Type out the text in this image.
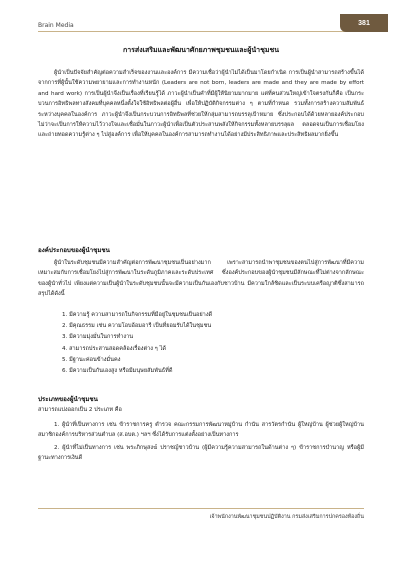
Brain Media	381
การส่งเสริมและพัฒนาศักยภาพชุมชนและผู้นำชุมชน

ผู้นำเป็นปัจจัยสำคัญต่อความสำเร็จของงานและองค์การ มีความเชื่อว่าผู้นำไม่ได้เป็นมาโดยกำเนิด การเป็นผู้นำสามารถสร้างขึ้นได้ จากการที่ผู้นั้นใช้ความพยายามและการทำงานหนัก (Leaders are not born, leaders are made and they are made by effort and hard work) การเป็นผู้นำจึงเป็นเรื่องที่เรียนรู้ได้ ภาวะผู้นำเป็นคำที่มีผู้ให้นิยามมากมาย แต่ที่คนส่วนใหญ่เข้าใจตรงกันก็คือ เป็นกระบวนการอิทธิพลทางสังคมที่บุคคลหนึ่งตั้งใจใช้อิทธิพลต่อผู้อื่น เพื่อให้ปฏิบัติกิจกรรมต่าง ๆ ตามที่กำหนด รวมทั้งการสร้างความสัมพันธ์ระหว่างบุคคลในองค์การ ภาวะผู้นำจึงเป็นกระบวนการอิทธิพลที่ช่วยให้กลุ่มสามารถบรรลุเป้าหมาย ซึ่งประกอบได้ด้วยหลายองค์ประกอบ ไม่ว่าจะเป็นการให้ความไว้วางใจและเชื่อมั่นในภาวะผู้นำเพื่อเป็นตัวประสานพลังให้กิจกรรมทั้งหลายบรรลุผล ตลอดจนเป็นการเชื่อมโยงและถ่ายทอดความรู้ต่าง ๆ ไปสู่องค์การ เพื่อให้บุคคลในองค์การสามารถทำงานได้อย่างมีประสิทธิภาพและประสิทธิผลมากยิ่งขึ้น

องค์ประกอบของผู้นำชุมชน

ผู้นำในระดับชุมชนมีความสำคัญต่อการพัฒนาชุมชนเป็นอย่างมาก เพราะสามารถนำพาชุมชนของตนไปสู่การพัฒนาที่มีความเหมาะสมกับการเชื่อมโยงไปสู่การพัฒนาในระดับภูมิภาคและระดับประเทศ ซึ่งองค์ประกอบของผู้นำชุมชนมีลักษณะที่ไม่ต่างจากลักษณะของผู้นำทั่วไป เพียงแต่ความเป็นผู้นำในระดับชุมชนนั้นจะมีความเป็นกันเองกับชาวบ้าน มีความใกล้ชิดและเป็นระบบเครือญาติซึ่งสามารถสรุปได้ดังนี้

1. มีความรู้ ความสามารถในกิจกรรมที่มีอยู่ในชุมชนเป็นอย่างดี
2. มีคุณธรรม เช่น ความโอบอ้อมอารี เป็นที่ยอมรับได้ในชุมชน
3. มีความมุ่งมั่นในการทำงาน
4. สามารถประสานสอดคล้องเรื่องต่าง ๆ ได้
5. มีฐานะค่อนข้างมั่นคง
6. มีความเป็นกันเองสูง หรือมีมนุษยสัมพันธ์ที่ดี
ประเภทของผู้นำชุมชน
สามารถแบ่งออกเป็น 2 ประเภท คือ

1. ผู้นำที่เป็นทางการ เช่น ข้าราชการครู ตำรวจ คณะกรรมการพัฒนาหมู่บ้าน กำนัน สารวัตรกำนัน ผู้ใหญ่บ้าน ผู้ช่วยผู้ใหญ่บ้าน สมาชิกองค์การบริหารส่วนตำบล (ส.อบต.) ฯลฯ ซึ่งได้รับการแต่งตั้งอย่างเป็นทางการ

2. ผู้นำที่ไม่เป็นทางการ เช่น พระภิกษุสงฆ์ ปราชญ์ชาวบ้าน (ผู้มีความรู้ความสามารถในด้านต่าง ๆ) ข้าราชการบำนาญ หรือผู้มีฐานะทางการเงินดี

เจ้าพนักงานพัฒนาชุมชนปฏิบัติงาน กรมส่งเสริมการปกครองท้องถิ่น
